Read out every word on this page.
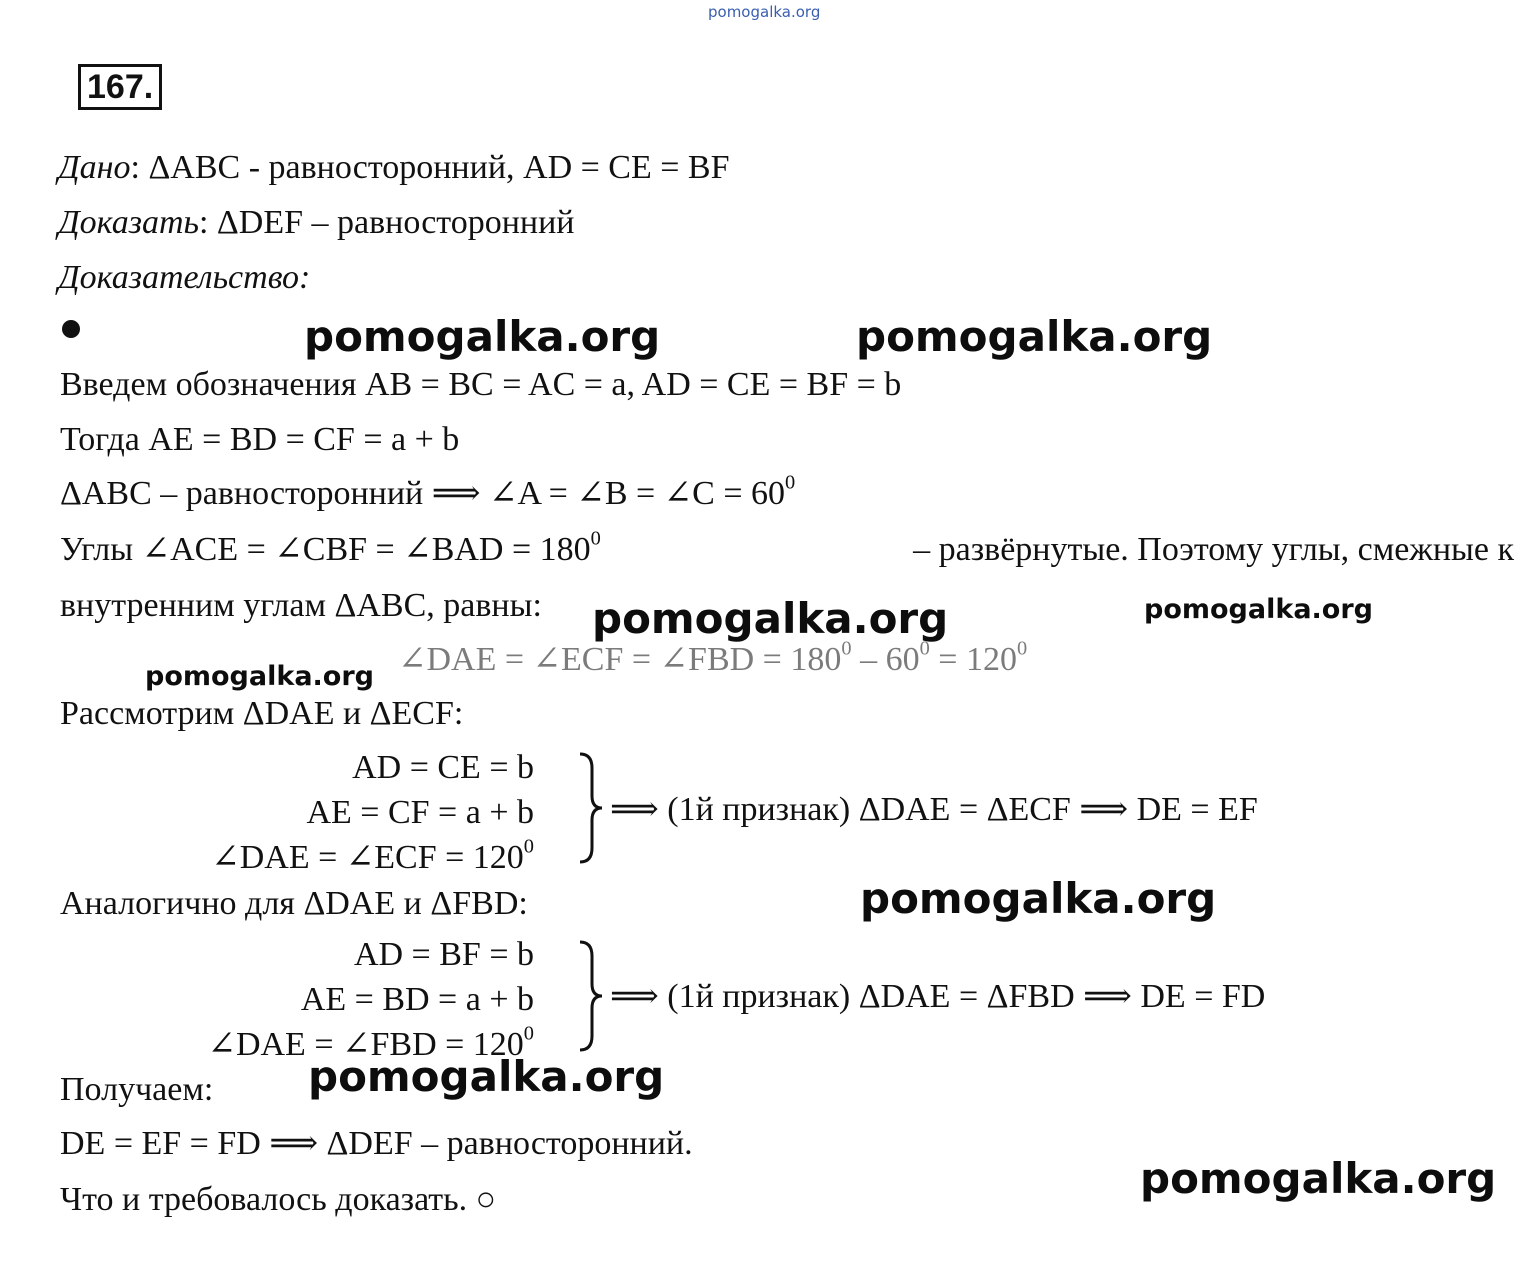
pomogalka.org
167.
Дано: ΔABC - равносторонний, AD = CE = BF
Доказать: ΔDEF – равносторонний
Доказательство:
pomogalka.org	pomogalka.org
Введем обозначения AB = BC = AC = a, AD = CE = BF = b
Тогда AE = BD = CF = a + b
ΔABC – равносторонний ⟹ ∠A = ∠B = ∠C = $60^0$
Углы ∠ACE = ∠CBF = ∠BAD = $180^0$	– развёрнутые. Поэтому углы, смежные к
внутренним углам ΔABC, равны: pomogalka.org	pomogalka.org
∠DAE = ∠ECF = ∠FBD = $180^0 - 60^0 = 120^0$
pomogalka.org
Рассмотрим ΔDAE и ΔECF:
AD = CE = b
AE = CF = a + b
∠DAE = ∠ECF = $120^0$
⟹ (1й признак) ΔDAE = ΔECF ⟹ DE = EF
Аналогично для ΔDAE и ΔFBD:	pomogalka.org
AD = BF = b
AE = BD = a + b
∠DAE = ∠FBD = $120^0$
⟹ (1й признак) ΔDAE = ΔFBD ⟹ DE = FD
Получаем: pomogalka.org
DE = EF = FD ⟹ ΔDEF – равносторонний.
Что и требовалось доказать. ○	pomogalka.org
